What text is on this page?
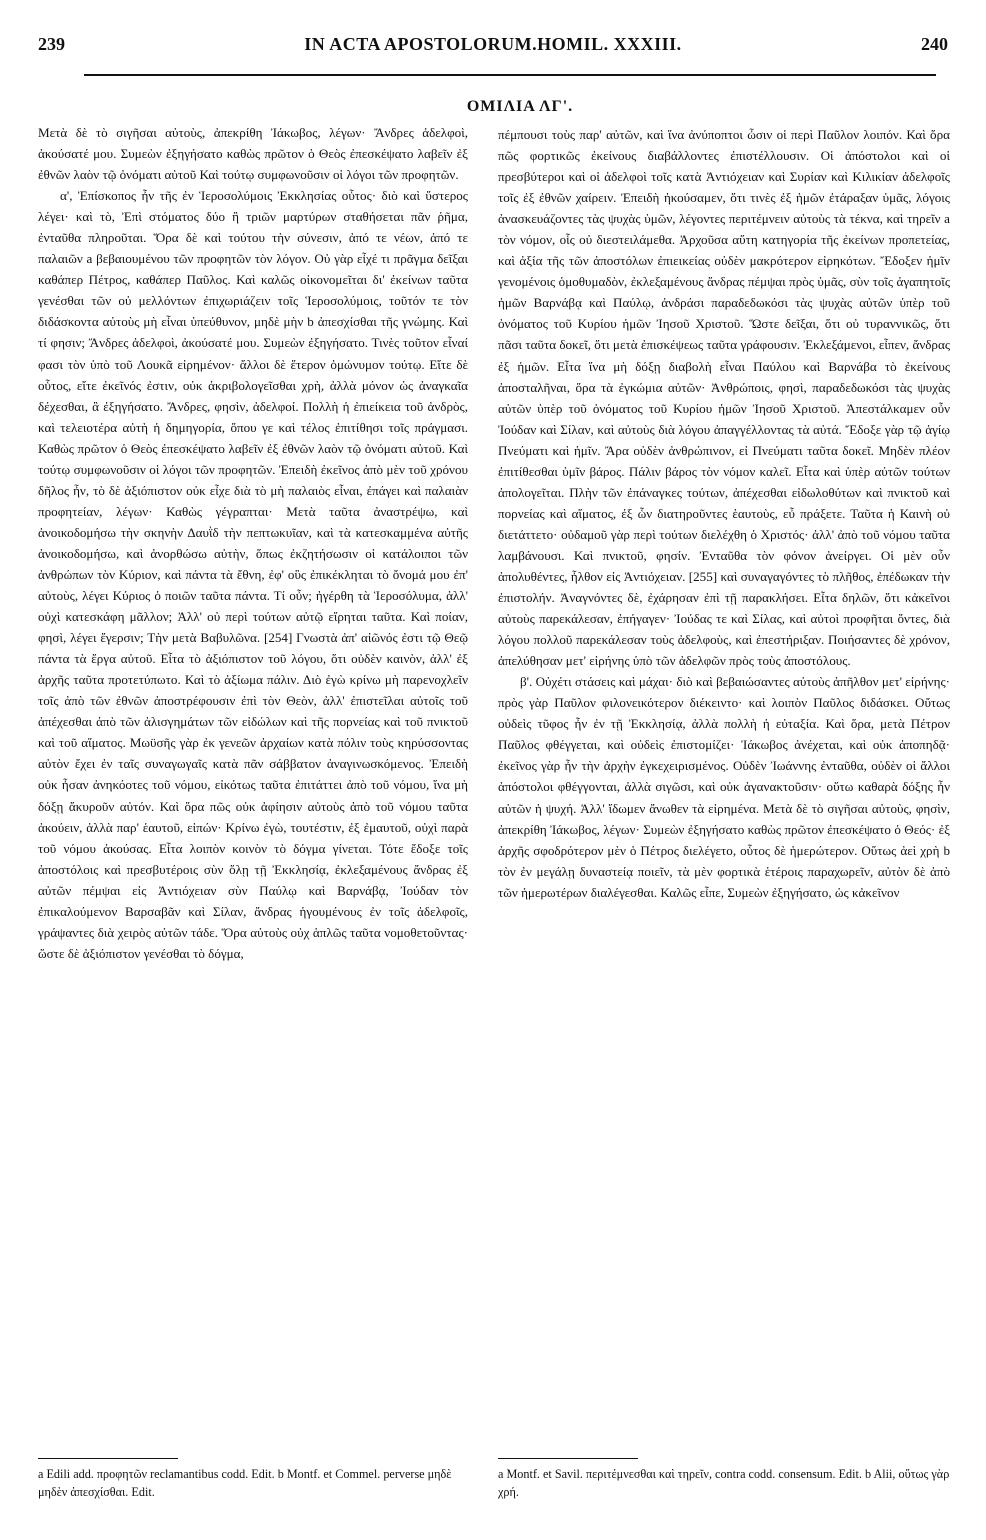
239	IN ACTA APOSTOLORUM.HOMIL. XXXIII.	240
ΟΜΙΛΙΑ ΛΓ'.

Μετὰ δὲ τὸ σιγῆσαι αὐτοὺς, ἀπεκρίθη Ἰάκωβος, λέγων· Ἄνδρες ἀδελφοὶ, ἀκούσατέ μου. Συμεὼν ἐξηγήσατο καθὼς πρῶτον ὁ Θεὸς ἐπεσκέψατο λαβεῖν ἐξ ἐθνῶν λαὸν τῷ ὀνόματι αὐτοῦ Καὶ τούτῳ συμφωνοῦσιν οἱ λόγοι τῶν προφητῶν.

α', Ἐπίσκοπος ἦν τῆς ἐν Ἱεροσολύμοις Ἐκκλησίας οὗτος· διὸ καὶ ὕστερος λέγει· καὶ τὸ, Ἐπὶ στόματος δύο ἢ τριῶν μαρτύρων σταθήσεται πᾶν ῥῆμα, ἐνταῦθα πληροῦται. Ὅρα δὲ καὶ τούτου τὴν σύνεσιν, ἀπό τε νέων, ἀπό τε παλαιῶν a βεβαιουμένου τῶν προφητῶν τὸν λόγον. Οὐ γὰρ εἶχέ τι πρᾶγμα δεῖξαι καθάπερ Πέτρος, καθάπερ Παῦλος. Καὶ καλῶς οἰκονομεῖται δι' ἐκείνων ταῦτα γενέσθαι τῶν οὐ μελλόντων ἐπιχωριάζειν τοῖς Ἱεροσολύμοις, τοῦτόν τε τὸν διδάσκοντα αὐτοὺς μὴ εἶναι ὑπεύθυνον, μηδὲ μὴν b ἀπεσχίσθαι τῆς γνώμης. Καὶ τί φησιν; Ἄνδρες ἀδελφοὶ, ἀκούσατέ μου. Συμεὼν ἐξηγήσατο. Τινὲς τοῦτον εἶναί φασι τὸν ὑπὸ τοῦ Λουκᾶ εἰρημένον· ἄλλοι δὲ ἕτερον ὁμώνυμον τούτῳ. Εἴτε δὲ οὗτος, εἴτε ἐκεῖνός ἐστιν, οὐκ ἀκριβολογεῖσθαι χρὴ, ἀλλὰ μόνον ὡς ἀναγκαῖα δέχεσθαι, ἃ ἐξηγήσατο. Ἄνδρες, φησὶν, ἀδελφοί. Πολλὴ ἡ ἐπιείκεια τοῦ ἀνδρὸς, καὶ τελειοτέρα αὐτὴ ἡ δημηγορία, ὅπου γε καὶ τέλος ἐπιτίθησι τοῖς πράγμασι. Καθὼς πρῶτον ὁ Θεὸς ἐπεσκέψατο λαβεῖν ἐξ ἐθνῶν λαὸν τῷ ὀνόματι αὐτοῦ. Καὶ τούτῳ συμφωνοῦσιν οἱ λόγοι τῶν προφητῶν. Ἐπειδὴ ἐκεῖνος ἀπὸ μὲν τοῦ χρόνου δῆλος ἦν, τὸ δὲ ἀξιόπιστον οὐκ εἶχε διὰ τὸ μὴ παλαιὸς εἶναι, ἐπάγει καὶ παλαιὰν προφητείαν, λέγων· Καθὼς γέγραπται· Μετὰ ταῦτα ἀναστρέψω, καὶ ἀνοικοδομήσω τὴν σκηνὴν Δαυῒδ τὴν πεπτωκυῖαν, καὶ τὰ κατεσκαμμένα αὐτῆς ἀνοικοδομήσω, καὶ ἀνορθώσω αὐτὴν, ὅπως ἐκζητήσωσιν οἱ κατάλοιποι τῶν ἀνθρώπων τὸν Κύριον, καὶ πάντα τὰ ἔθνη, ἐφ' οὓς ἐπικέκληται τὸ ὄνομά μου ἐπ' αὐτοὺς, λέγει Κύριος ὁ ποιῶν ταῦτα πάντα. Τί οὖν; ἠγέρθη τὰ Ἱεροσόλυμα, ἀλλ' οὐχὶ κατεσκάφη μᾶλλον; Ἀλλ' οὐ περὶ τούτων αὐτῷ εἴρηται ταῦτα. Καὶ ποίαν, φησὶ, λέγει ἔγερσιν; Τὴν μετὰ Βαβυλῶνα. [254] Γνωστὰ ἀπ' αἰῶνός ἐστι τῷ Θεῷ πάντα τὰ ἔργα αὐτοῦ. Εἶτα τὸ ἀξιόπιστον τοῦ λόγου, ὅτι οὐδὲν καινὸν, ἀλλ' ἐξ ἀρχῆς ταῦτα προτετύπωτο. Καὶ τὸ ἀξίωμα πάλιν. Διὸ ἐγὼ κρίνω μὴ παρενοχλεῖν τοῖς ἀπὸ τῶν ἐθνῶν ἀποστρέφουσιν ἐπὶ τὸν Θεὸν, ἀλλ' ἐπιστεῖλαι αὐτοῖς τοῦ ἀπέχεσθαι ἀπὸ τῶν ἀλισγημάτων τῶν εἰδώλων καὶ τῆς πορνείας καὶ τοῦ πνικτοῦ καὶ τοῦ αἵματος. Μωϋσῆς γὰρ ἐκ γενεῶν ἀρχαίων κατὰ πόλιν τοὺς κηρύσσοντας αὐτὸν ἔχει ἐν ταῖς συναγωγαῖς κατὰ πᾶν σάββατον ἀναγινωσκόμενος. Ἐπειδὴ οὐκ ἦσαν ἀνηκόοτες τοῦ νόμου, εἰκότως ταῦτα ἐπιτάττει ἀπὸ τοῦ νόμου, ἵνα μὴ δόξῃ ἄκυροῦν αὐτόν. Καὶ ὅρα πῶς οὐκ ἀφίησιν αὐτοὺς ἀπὸ τοῦ νόμου ταῦτα ἀκούειν, ἀλλὰ παρ' ἑαυτοῦ, εἰπών· Κρίνω ἐγὼ, τουτέστιν, ἐξ ἐμαυτοῦ, οὐχὶ παρὰ τοῦ νόμου ἀκούσας. Εἶτα λοιπὸν κοινὸν τὸ δόγμα γίνεται. Τότε ἔδοξε τοῖς ἀποστόλοις καὶ πρεσβυτέροις σὺν ὅλῃ τῇ Ἐκκλησίᾳ, ἐκλεξαμένους ἄνδρας ἐξ αὐτῶν πέμψαι εἰς Ἀντιόχειαν σὺν Παύλῳ καὶ Βαρνάβᾳ, Ἰούδαν τὸν ἐπικαλούμενον Βαρσαβᾶν καὶ Σίλαν, ἄνδρας ἡγουμένους ἐν τοῖς ἀδελφοῖς, γράψαντες διὰ χειρὸς αὐτῶν τάδε. Ὅρα αὐτοὺς οὐχ ἁπλῶς ταῦτα νομοθετοῦντας· ὥστε δὲ ἀξιόπιστον γενέσθαι τὸ δόγμα,

πέμπουσι τοὺς παρ' αὐτῶν, καὶ ἵνα ἀνύποπτοι ὦσιν οἱ περὶ Παῦλον λοιπόν. Καὶ ὅρα πῶς φορτικῶς ἐκείνους διαβάλλοντες ἐπιστέλλουσιν. Οἱ ἀπόστολοι καὶ οἱ πρεσβύτεροι καὶ οἱ ἀδελφοὶ τοῖς κατὰ Ἀντιόχειαν καὶ Συρίαν καὶ Κιλικίαν ἀδελφοῖς τοῖς ἐξ ἐθνῶν χαίρειν. Ἐπειδὴ ἠκούσαμεν, ὅτι τινὲς ἐξ ἡμῶν ἐτάραξαν ὑμᾶς, λόγοις ἀνασκευάζοντες τὰς ψυχὰς ὑμῶν, λέγοντες περιτέμνειν αὐτοὺς τὰ τέκνα, καὶ τηρεῖν a τὸν νόμον, οἷς οὐ διεστειλάμεθα. Ἀρχοῦσα αὕτη κατηγορία τῆς ἐκείνων προπετείας, καὶ ἀξία τῆς τῶν ἀποστόλων ἐπιεικείας οὐδὲν μακρότερον εἰρηκότων. Ἔδοξεν ἡμῖν γενομένοις ὁμοθυμαδὸν, ἐκλεξαμένους ἄνδρας πέμψαι πρὸς ὑμᾶς, σὺν τοῖς ἀγαπητοῖς ἡμῶν Βαρνάβᾳ καὶ Παύλῳ, ἀνδράσι παραδεδωκόσι τὰς ψυχὰς αὐτῶν ὑπὲρ τοῦ ὀνόματος τοῦ Κυρίου ἡμῶν Ἰησοῦ Χριστοῦ. Ὥστε δεῖξαι, ὅτι οὐ τυραννικῶς, ὅτι πᾶσι ταῦτα δοκεῖ, ὅτι μετὰ ἐπισκέψεως ταῦτα γράφουσιν. Ἐκλεξάμενοι, εἶπεν, ἄνδρας ἐξ ἡμῶν. Εἶτα ἵνα μὴ δόξῃ διαβολὴ εἶναι Παύλου καὶ Βαρνάβα τὸ ἐκείνους ἀποσταλῆναι, ὅρα τὰ ἐγκώμια αὐτῶν· Ἀνθρώποις, φησὶ, παραδεδωκόσι τὰς ψυχὰς αὐτῶν ὑπὲρ τοῦ ὀνόματος τοῦ Κυρίου ἡμῶν Ἰησοῦ Χριστοῦ. Ἀπεστάλκαμεν οὖν Ἰούδαν καὶ Σίλαν, καὶ αὐτοὺς διὰ λόγου ἀπαγγέλλοντας τὰ αὐτά. Ἔδοξε γὰρ τῷ ἁγίῳ Πνεύματι καὶ ἡμῖν. Ἄρα οὐδὲν ἀνθρώπινον, εἰ Πνεύματι ταῦτα δοκεῖ. Μηδὲν πλέον ἐπιτίθεσθαι ὑμῖν βάρος. Πάλιν βάρος τὸν νόμον καλεῖ. Εἶτα καὶ ὑπὲρ αὐτῶν τούτων ἀπολογεῖται. Πλὴν τῶν ἐπάναγκες τούτων, ἀπέχεσθαι εἰδωλοθύτων καὶ πνικτοῦ καὶ πορνείας καὶ αἵματος, ἐξ ὧν διατηροῦντες ἑαυτοὺς, εὖ πράξετε. Ταῦτα ἡ Καινὴ οὐ διετάττετο· οὐδαμοῦ γὰρ περὶ τούτων διελέχθη ὁ Χριστός· ἀλλ' ἀπὸ τοῦ νόμου ταῦτα λαμβάνουσι. Καὶ πνικτοῦ, φησίν. Ἐνταῦθα τὸν φόνον ἀνείργει. Οἱ μὲν οὖν ἀπολυθέντες, ἦλθον εἰς Ἀντιόχειαν. [255] καὶ συναγαγόντες τὸ πλῆθος, ἐπέδωκαν τὴν ἐπιστολήν. Ἀναγνόντες δὲ, ἐχάρησαν ἐπὶ τῇ παρακλήσει. Εἶτα δηλῶν, ὅτι κἀκεῖνοι αὐτοὺς παρεκάλεσαν, ἐπήγαγεν· Ἰούδας τε καὶ Σίλας, καὶ αὐτοὶ προφῆται ὄντες, διὰ λόγου πολλοῦ παρεκάλεσαν τοὺς ἀδελφοὺς, καὶ ἐπεστήριξαν. Ποιήσαντες δὲ χρόνον, ἀπελύθησαν μετ' εἰρήνης ὑπὸ τῶν ἀδελφῶν πρὸς τοὺς ἀποστόλους.

β'. Οὐχέτι στάσεις καὶ μάχαι· διὸ καὶ βεβαιώσαντες αὐτοὺς ἀπῆλθον μετ' εἰρήνης· πρὸς γὰρ Παῦλον φιλονεικότερον διέκειντο· καὶ λοιπὸν Παῦλος διδάσκει. Οὔτως οὐδεὶς τῦφος ἦν ἐν τῇ Ἐκκλησίᾳ, ἀλλὰ πολλὴ ἡ εὐταξία. Καὶ ὅρα, μετὰ Πέτρον Παῦλος φθέγγεται, καὶ οὐδεὶς ἐπιστομίζει· Ἰάκωβος ἀνέχεται, καὶ οὐκ ἀποπηδᾷ· ἐκεῖνος γὰρ ἦν τὴν ἀρχὴν ἐγκεχειρισμένος. Οὐδὲν Ἰωάννης ἐνταῦθα, οὐδὲν οἱ ἄλλοι ἀπόστολοι φθέγγονται, ἀλλὰ σιγῶσι, καὶ οὐκ ἀγανακτοῦσιν· οὕτω καθαρὰ δόξης ἦν αὐτῶν ἡ ψυχή. Ἀλλ' ἴδωμεν ἄνωθεν τὰ εἰρημένα. Μετὰ δὲ τὸ σιγῆσαι αὐτοὺς, φησὶν, ἀπεκρίθη Ἰάκωβος, λέγων· Συμεὼν ἐξηγήσατο καθὼς πρῶτον ἐπεσκέψατο ὁ Θεός· ἐξ ἀρχῆς σφοδρότερον μὲν ὁ Πέτρος διελέγετο, οὗτος δὲ ἡμερώτερον. Οὕτως ἀεὶ χρὴ b τὸν ἐν μεγάλῃ δυναστείᾳ ποιεῖν, τὰ μὲν φορτικὰ ἑτέροις παραχωρεῖν, αὐτὸν δὲ ἀπὸ τῶν ἡμερωτέρων διαλέγεσθαι. Καλῶς εἶπε, Συμεὼν ἐξηγήσατο, ὡς κἀκεῖνον

a Edili add. προφητῶν reclamantibus codd. Edit. b Montf. et Commel. perverse μηδὲ μηδὲν ἀπεσχίσθαι. Edit.
a Montf. et Savil. περιτέμνεσθαι καὶ τηρεῖν, contra codd. consensum. Edit. b Alii, οὕτως γὰρ χρή.
